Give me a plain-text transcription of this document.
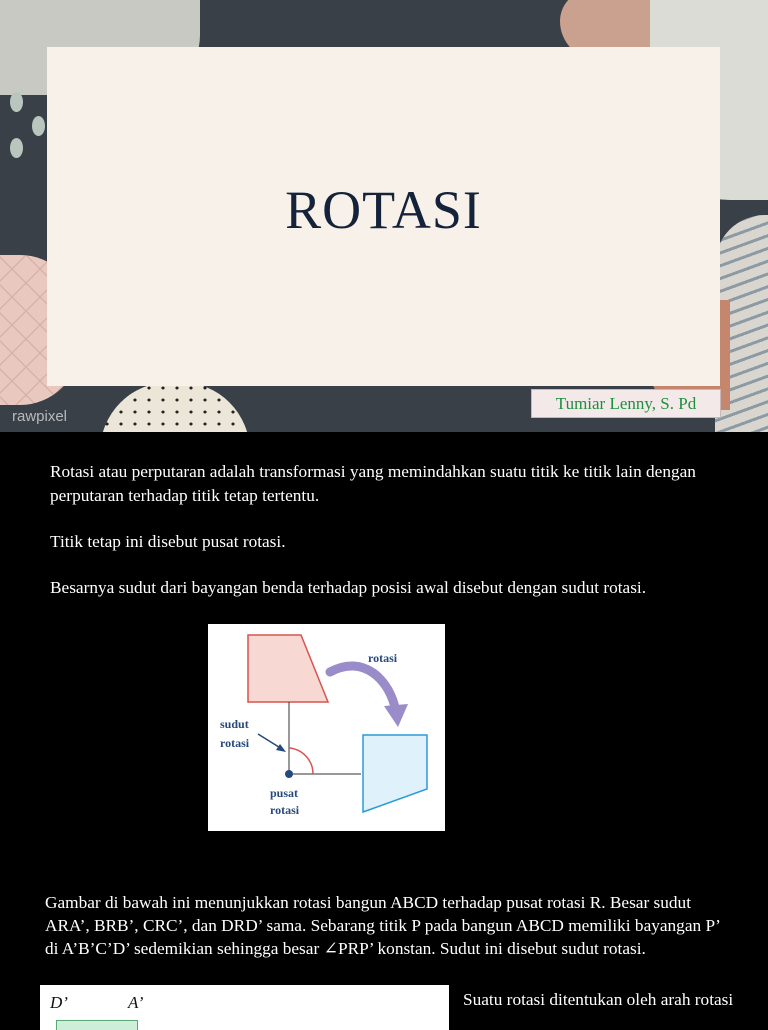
ROTASI
Tumiar Lenny, S. Pd
rawpixel

Rotasi atau perputaran adalah transformasi yang memindahkan suatu titik ke titik lain dengan perputaran terhadap titik tetap tertentu.

Titik tetap ini disebut pusat rotasi.

Besarnya sudut dari bayangan benda terhadap posisi awal disebut dengan sudut rotasi.

rotasi
sudut
rotasi
pusat
rotasi

Gambar di bawah ini menunjukkan rotasi bangun ABCD terhadap pusat rotasi R. Besar sudut ARA’, BRB’, CRC’, dan DRD’ sama. Sebarang titik P pada bangun ABCD memiliki bayangan P’ di A’B’C’D’ sedemikian sehingga besar ∠PRP’ konstan. Sudut ini disebut sudut rotasi.

D’	A’	Suatu rotasi ditentukan oleh arah rotasi
